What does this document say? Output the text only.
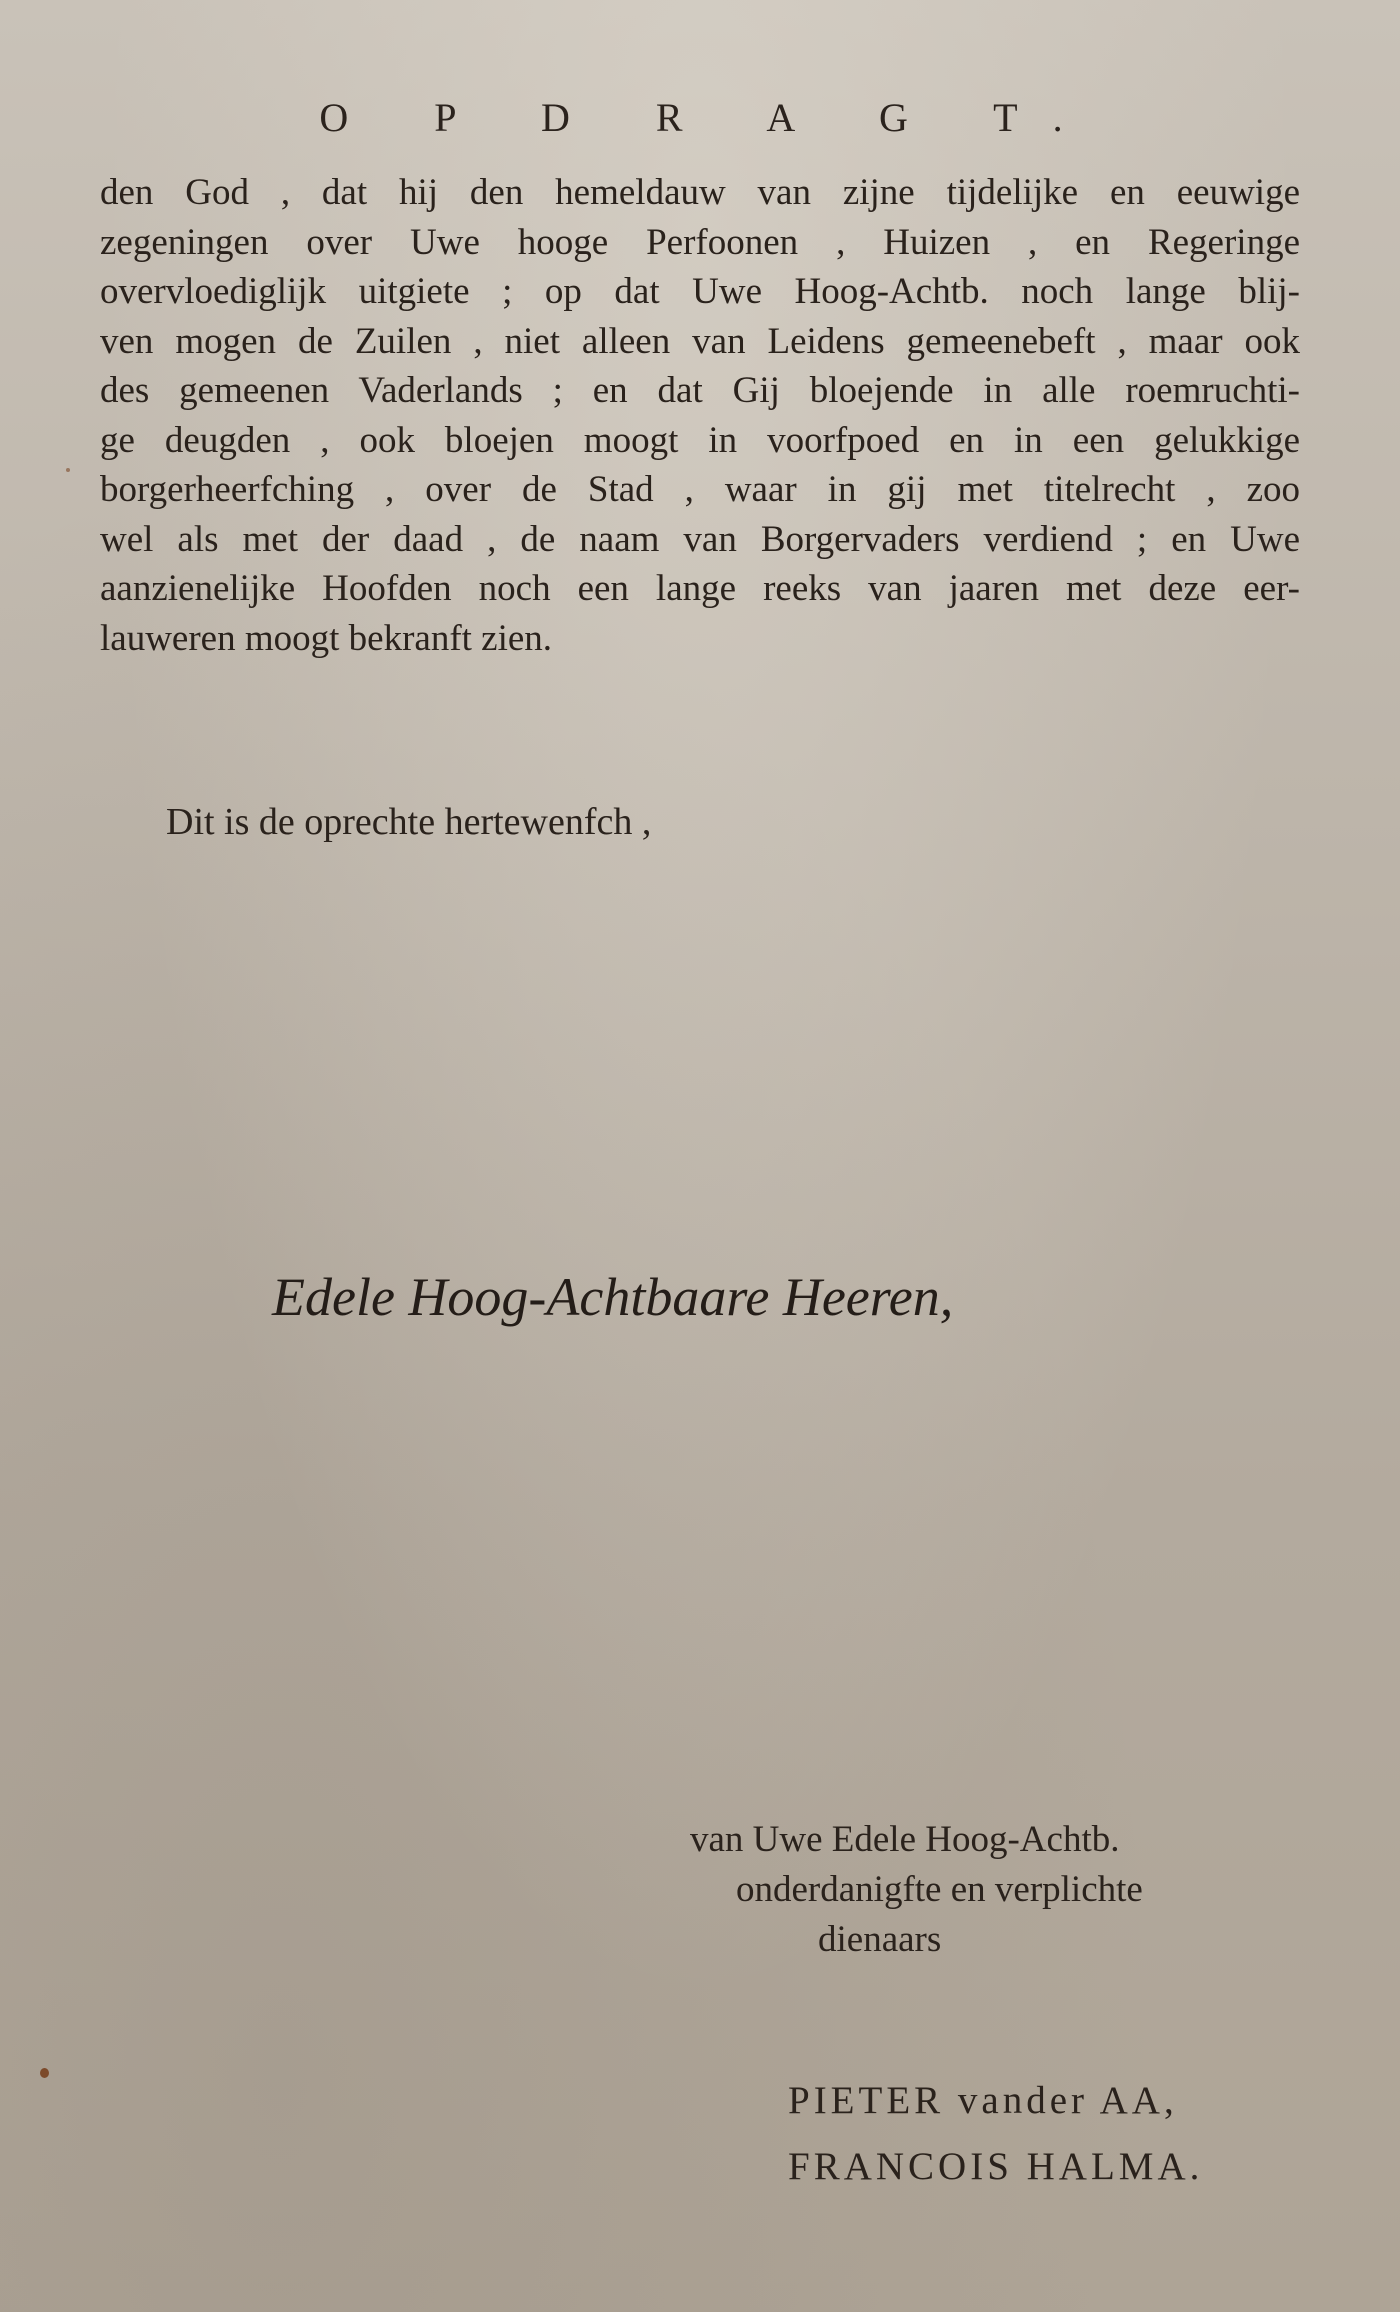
O P D R A G T.
den God , dat hij den hemeldauw van zijne tijdelijke en eeuwige
zegeningen over Uwe hooge Perfoonen , Huizen , en Regeringe
overvloediglijk uitgiete ; op dat Uwe Hoog-Achtb. noch lange blij-
ven mogen de Zuilen , niet alleen van Leidens gemeenebeft , maar ook
des gemeenen Vaderlands ; en dat Gij bloejende in alle roemruchti-
ge deugden , ook bloejen moogt in voorfpoed en in een gelukkige
borgerheerfching , over de Stad , waar in gij met titelrecht , zoo
wel als met der daad , de naam van Borgervaders verdiend ; en Uwe
aanzienelijke Hoofden noch een lange reeks van jaaren met deze eer-
lauweren moogt bekranft zien.
Dit is de oprechte hertewenfch ,
Edele Hoog-Achtbaare Heeren,
van Uwe Edele Hoog-Achtb.
onderdanigfte en verplichte
dienaars
PIETER vander AA,
FRANCOIS HALMA.
